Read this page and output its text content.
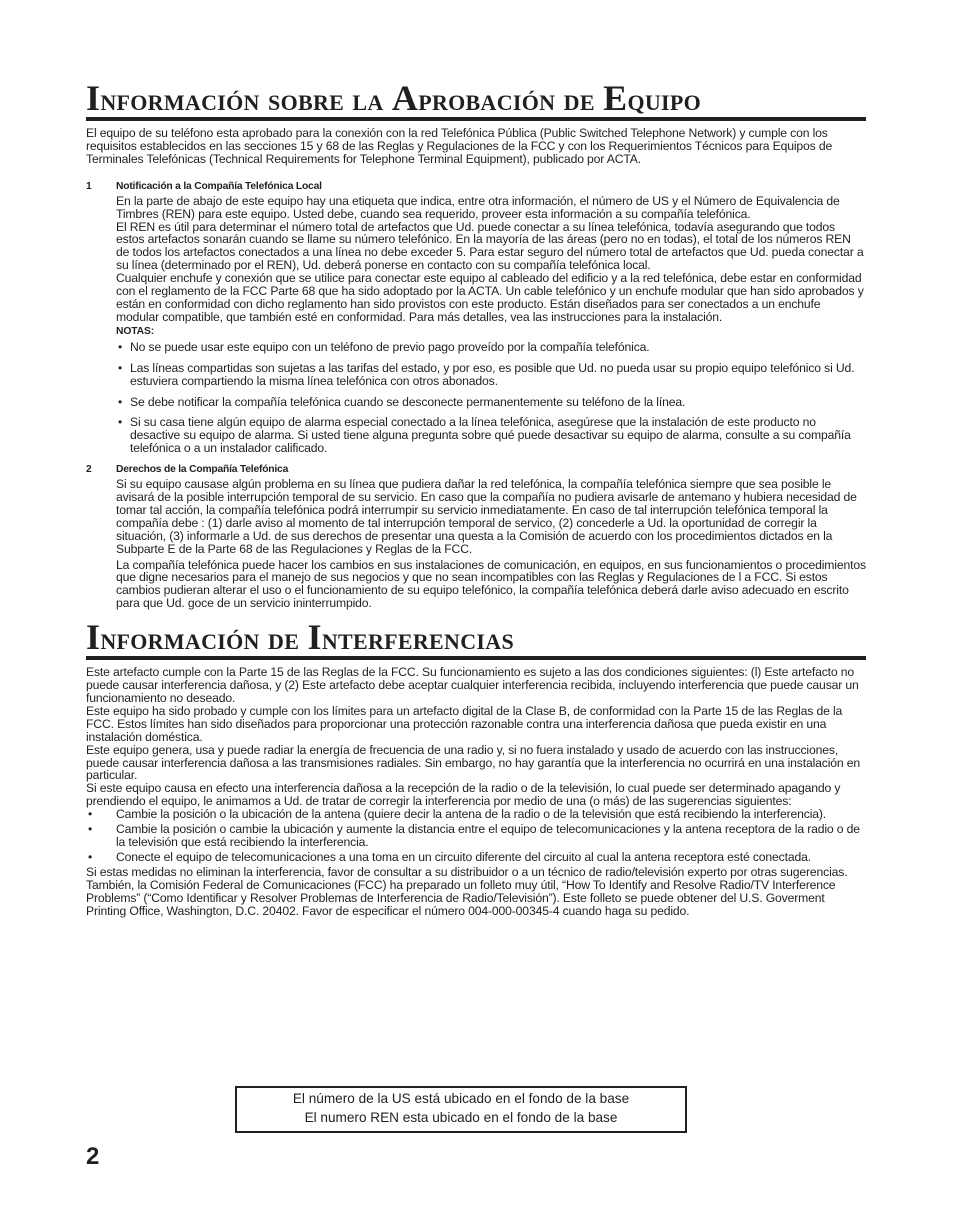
Información sobre la Aprobación de Equipo

El equipo de su teléfono esta aprobado para la conexión con la red Telefónica Pública (Public Switched Telephone Network) y cumple con los requisitos establecidos en las secciones 15 y 68 de las Reglas y Regulaciones de la FCC y con los Requerimientos Técnicos para Equipos de Terminales Telefónicas (Technical Requirements for Telephone Terminal Equipment), publicado por ACTA.

1	Notificación a la Compañía Telefónica Local

En la parte de abajo de este equipo hay una etiqueta que indica, entre otra información, el número de US y el Número de Equivalencia de Timbres (REN) para este equipo. Usted debe, cuando sea requerido, proveer esta información a su compañía telefónica.

El REN es útil para determinar el número total de artefactos que Ud. puede conectar a su línea telefónica, todavía asegurando que todos estos artefactos sonarán cuando se llame su número telefónico. En la mayoría de las áreas (pero no en todas), el total de los números REN de todos los artefactos conectados a una línea no debe exceder 5. Para estar seguro del número total de artefactos que Ud. pueda conectar a su línea (determinado por el REN), Ud. deberá ponerse en contacto con su compañía telefónica local.

Cualquier enchufe y conexión que se utilice para conectar este equipo al cableado del edificio y a la red telefónica, debe estar en conformidad con el reglamento de la FCC Parte 68 que ha sido adoptado por la ACTA. Un cable telefónico y un enchufe modular que han sido aprobados y están en conformidad con dicho reglamento han sido provistos con este producto. Están diseñados para ser conectados a un enchufe modular compatible, que también esté en conformidad. Para más detalles, vea las instrucciones para la instalación.

NOTAS:
• No se puede usar este equipo con un teléfono de previo pago proveído por la compañía telefónica.
• Las líneas compartidas son sujetas a las tarifas del estado, y por eso, es posible que Ud. no pueda usar su propio equipo telefónico si Ud. estuviera compartiendo la misma línea telefónica con otros abonados.
• Se debe notificar la compañía telefónica cuando se desconecte permanentemente su teléfono de la línea.
• Si su casa tiene algún equipo de alarma especial conectado a la línea telefónica, asegúrese que la instalación de este producto no desactive su equipo de alarma. Si usted tiene alguna pregunta sobre qué puede desactivar su equipo de alarma, consulte a su compañía telefónica o a un instalador calificado.
2	Derechos de la Compañía Telefónica

Si su equipo causase algún problema en su línea que pudiera dañar la red telefónica, la compañía telefónica siempre que sea posible le avisará de la posible interrupción temporal de su servicio. En caso que la compañía no pudiera avisarle de antemano y hubiera necesidad de tomar tal acción, la compañía telefónica podrá interrumpir su servicio inmediatamente. En caso de tal interrupción telefónica temporal la compañía debe : (1) darle aviso al momento de tal interrupción temporal de servico, (2) concederle a Ud. la oportunidad de corregir la situación, (3) informarle a Ud. de sus derechos de presentar una questa a la Comisión de acuerdo con los procedimientos dictados en la Subparte E de la Parte 68 de las Regulaciones y Reglas de la FCC.

La compañía telefónica puede hacer los cambios en sus instalaciones de comunicación, en equipos, en sus funcionamientos o procedimientos que digne necesarios para el manejo de sus negocios y que no sean incompatibles con las Reglas y Regulaciones de l a FCC. Si estos cambios pudieran alterar el uso o el funcionamiento de su equipo telefónico, la compañía telefónica deberá darle aviso adecuado en escrito para que Ud. goce de un servicio ininterrumpido.

Información de Interferencias

Este artefacto cumple con la Parte 15 de las Reglas de la FCC. Su funcionamiento es sujeto a las dos condiciones siguientes: (l) Este artefacto no puede causar interferencia dañosa, y (2) Este artefacto debe aceptar cualquier interferencia recibida, incluyendo interferencia que puede causar un funcionamiento no deseado.

Este equipo ha sido probado y cumple con los límites para un artefacto digital de la Clase B, de conformidad con la Parte 15 de las Reglas de la FCC. Estos límites han sido diseñados para proporcionar una protección razonable contra una interferencia dañosa que pueda existir en una instalación doméstica.

Este equipo genera, usa y puede radiar la energía de frecuencia de una radio y, si no fuera instalado y usado de acuerdo con las instrucciones, puede causar interferencia dañosa a las transmisiones radiales. Sin embargo, no hay garantía que la interferencia no ocurrirá en una instalación en particular.

Si este equipo causa en efecto una interferencia dañosa a la recepción de la radio o de la televisión, lo cual puede ser determinado apagando y prendiendo el equipo, le animamos a Ud. de tratar de corregir la interferencia por medio de una (o más) de las sugerencias siguientes:

• Cambie la posición o la ubicación de la antena (quiere decir la antena de la radio o de la televisión que está recibiendo la interferencia).
• Cambie la posición o cambie la ubicación y aumente la distancia entre el equipo de telecomunicaciones y la antena receptora de la radio o de la televisión que está recibiendo la interferencia.
• Conecte el equipo de telecomunicaciones a una toma en un circuito diferente del circuito al cual la antena receptora esté conectada.

Si estas medidas no eliminan la interferencia, favor de consultar a su distribuidor o a un técnico de radio/televisión experto por otras sugerencias. También, la Comisión Federal de Comunicaciones (FCC) ha preparado un folleto muy útil, “How To Identify and Resolve Radio/TV Interference Problems” (“Como Identificar y Resolver Problemas de Interferencia de Radio/Televisión”). Este folleto se puede obtener del U.S. Goverment Printing Office, Washington, D.C. 20402. Favor de especificar el número 004-000-00345-4 cuando haga su pedido.

El número de la US está ubicado en el fondo de la base
El numero REN esta ubicado en el fondo de la base
2
